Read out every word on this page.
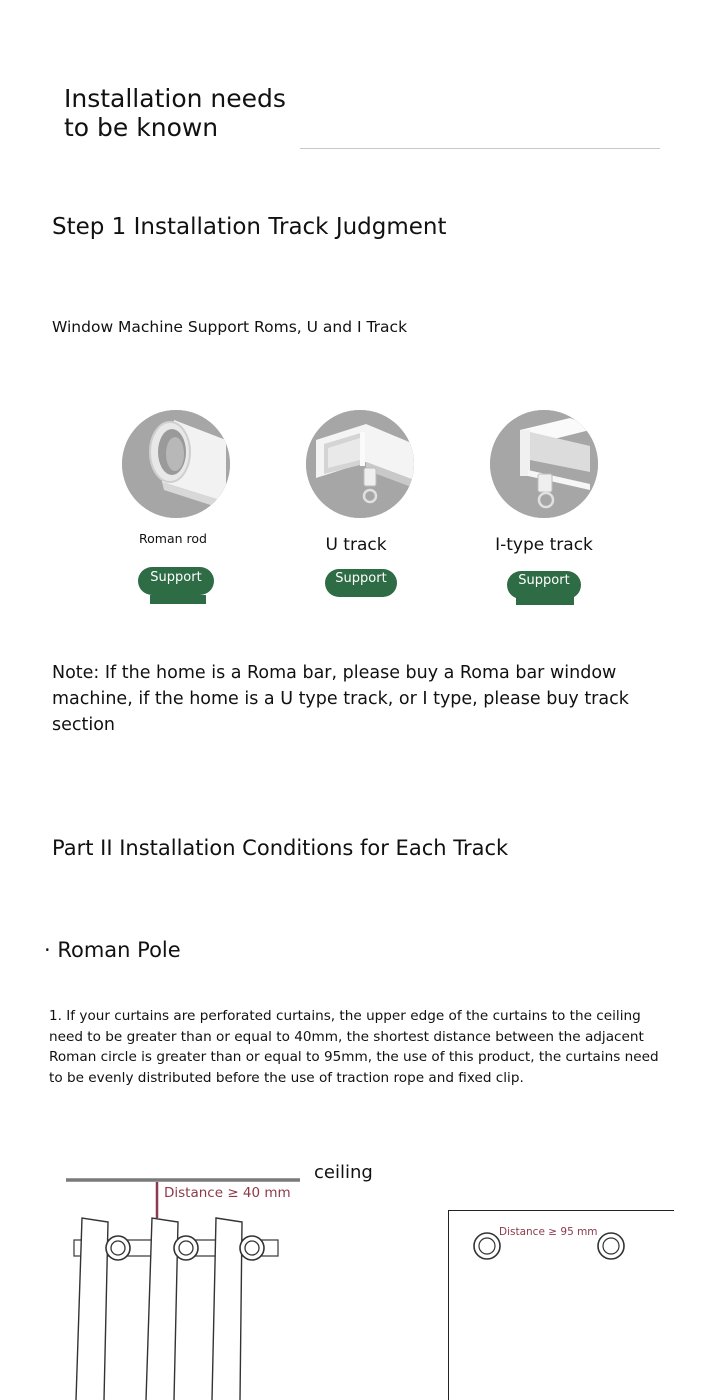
Installation needs
to be known
Step 1 Installation Track Judgment
Window Machine Support Roms, U and I Track
Roman rod
Support
U track
Support
I-type track
Support
Note: If the home is a Roma bar, please buy a Roma bar window machine, if the home is a U type track, or I type, please buy track section
Part II Installation Conditions for Each Track
· Roman Pole
1. If your curtains are perforated curtains, the upper edge of the curtains to the ceiling need to be greater than or equal to 40mm, the shortest distance between the adjacent Roman circle is greater than or equal to 95mm, the use of this product, the curtains need to be evenly distributed before the use of traction rope and fixed clip.
ceiling
Distance ≥ 40 mm
Distance ≥ 95 mm
